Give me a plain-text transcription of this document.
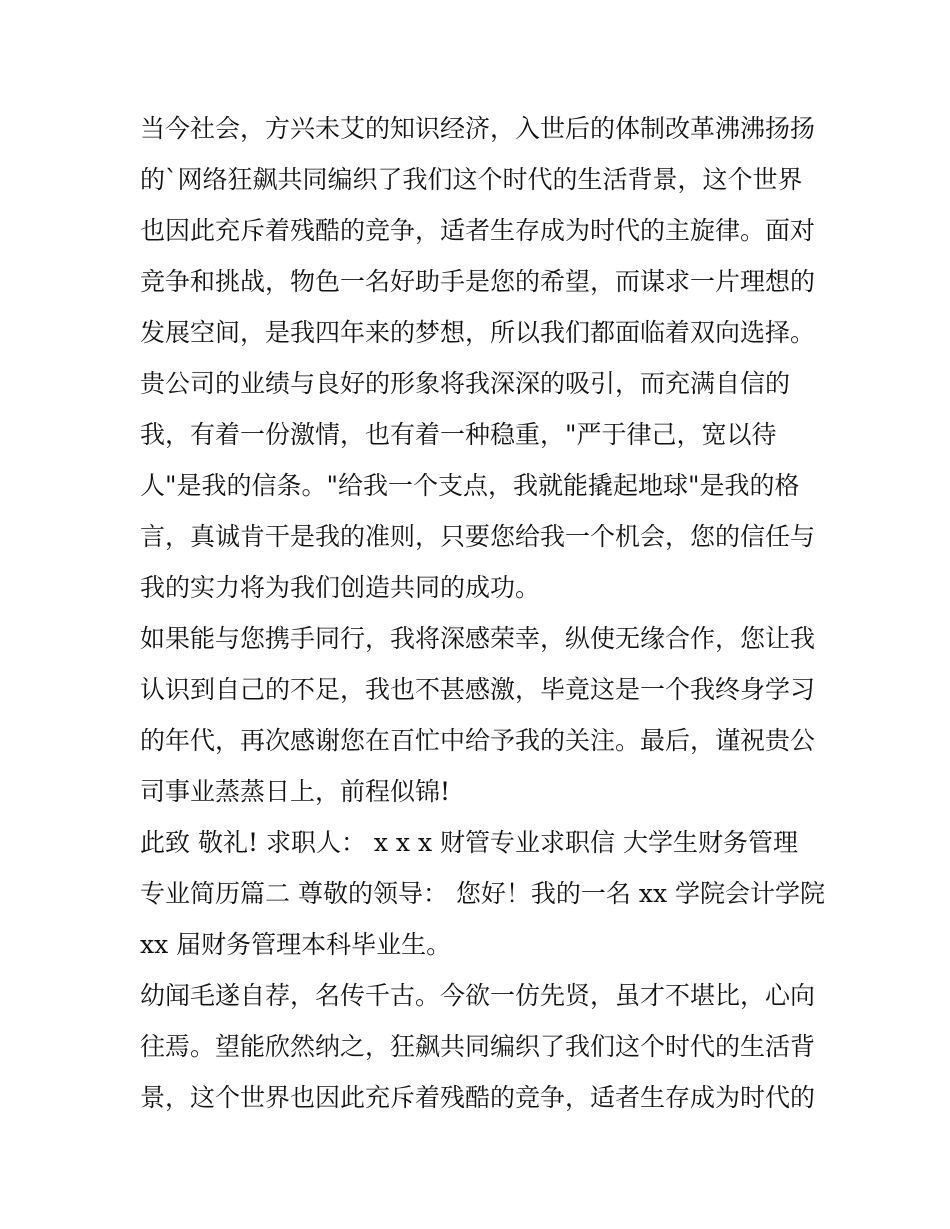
当今社会，方兴未艾的知识经济，入世后的体制改革沸沸扬扬
的`网络狂飙共同编织了我们这个时代的生活背景，这个世界
也因此充斥着残酷的竞争，适者生存成为时代的主旋律。面对
竞争和挑战，物色一名好助手是您的希望，而谋求一片理想的
发展空间，是我四年来的梦想，所以我们都面临着双向选择。
贵公司的业绩与良好的形象将我深深的吸引，而充满自信的
我，有着一份激情，也有着一种稳重，"严于律己，宽以待
人"是我的信条。"给我一个支点，我就能撬起地球"是我的格
言，真诚肯干是我的准则，只要您给我一个机会，您的信任与
我的实力将为我们创造共同的成功。
如果能与您携手同行，我将深感荣幸，纵使无缘合作，您让我
认识到自己的不足，我也不甚感激，毕竟这是一个我终身学习
的年代，再次感谢您在百忙中给予我的关注。最后，谨祝贵公
司事业蒸蒸日上，前程似锦!
此致 敬礼! 求职人： x x x 财管专业求职信 大学生财务管理
专业简历篇二 尊敬的领导： 您好！我的一名 xx 学院会计学院
xx 届财务管理本科毕业生。
幼闻毛遂自荐，名传千古。今欲一仿先贤，虽才不堪比，心向
往焉。望能欣然纳之，狂飙共同编织了我们这个时代的生活背
景，这个世界也因此充斥着残酷的竞争，适者生存成为时代的
